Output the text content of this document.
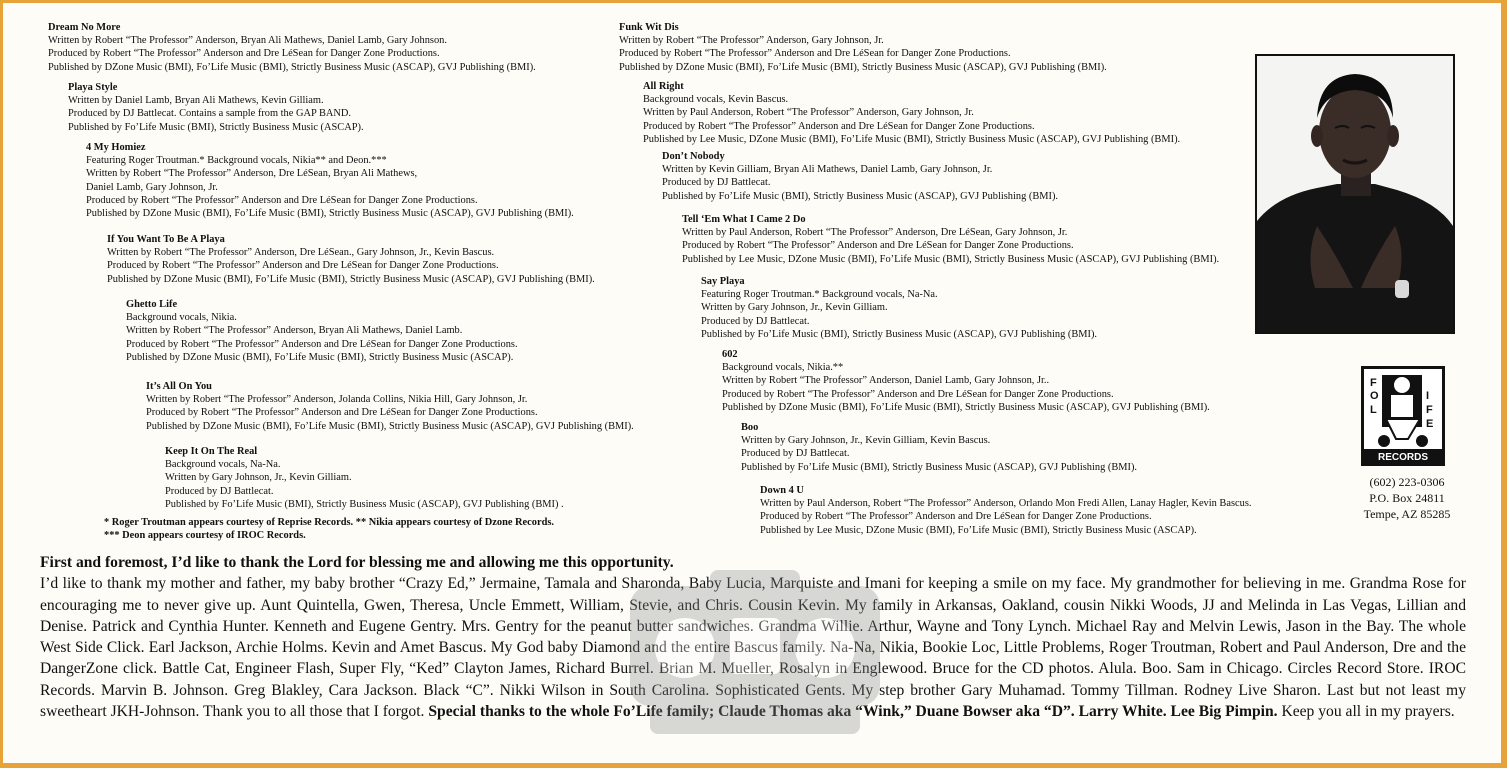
Dream No More
Written by Robert “The Professor” Anderson, Bryan Ali Mathews, Daniel Lamb, Gary Johnson.
Produced by Robert “The Professor” Anderson and Dre LéSean for Danger Zone Productions.
Published by DZone Music (BMI), Fo’Life Music (BMI), Strictly Business Music (ASCAP), GVJ Publishing (BMI).
Playa Style
Written by Daniel Lamb, Bryan Ali Mathews, Kevin Gilliam.
Produced by DJ Battlecat. Contains a sample from the GAP BAND.
Published by Fo’Life Music (BMI), Strictly Business Music (ASCAP).
4 My Homiez
Featuring Roger Troutman.* Background vocals, Nikia** and Deon.***
Written by Robert “The Professor” Anderson, Dre LéSean, Bryan Ali Mathews,
Daniel Lamb, Gary Johnson, Jr.
Produced by Robert “The Professor” Anderson and Dre LéSean for Danger Zone Productions.
Published by DZone Music (BMI), Fo’Life Music (BMI), Strictly Business Music (ASCAP), GVJ Publishing (BMI).
If You Want To Be A Playa
Written by Robert “The Professor” Anderson, Dre LéSean., Gary Johnson, Jr., Kevin Bascus.
Produced by Robert “The Professor” Anderson and Dre LéSean for Danger Zone Productions.
Published by DZone Music (BMI), Fo’Life Music (BMI), Strictly Business Music (ASCAP), GVJ Publishing (BMI).
Ghetto Life
Background vocals, Nikia.
Written by Robert “The Professor” Anderson, Bryan Ali Mathews, Daniel Lamb.
Produced by Robert “The Professor” Anderson and Dre LéSean for Danger Zone Productions.
Published by DZone Music (BMI), Fo’Life Music (BMI), Strictly Business Music (ASCAP).
It’s All On You
Written by Robert “The Professor” Anderson, Jolanda Collins, Nikia Hill, Gary Johnson, Jr.
Produced by Robert “The Professor” Anderson and Dre LéSean for Danger Zone Productions.
Published by DZone Music (BMI), Fo’Life Music (BMI), Strictly Business Music (ASCAP), GVJ Publishing (BMI).
Keep It On The Real
Background vocals, Na-Na.
Written by Gary Johnson, Jr., Kevin Gilliam.
Produced by DJ Battlecat.
Published by Fo’Life Music (BMI), Strictly Business Music (ASCAP), GVJ Publishing (BMI) .
Funk Wit Dis
Written by Robert “The Professor” Anderson, Gary Johnson, Jr.
Produced by Robert “The Professor” Anderson and Dre LéSean for Danger Zone Productions.
Published by DZone Music (BMI), Fo’Life Music (BMI), Strictly Business Music (ASCAP), GVJ Publishing (BMI).
All Right
Background vocals, Kevin Bascus.
Written by Paul Anderson, Robert “The Professor” Anderson, Gary Johnson, Jr.
Produced by Robert “The Professor” Anderson and Dre LéSean for Danger Zone Productions.
Published by Lee Music, DZone Music (BMI), Fo’Life Music (BMI), Strictly Business Music (ASCAP), GVJ Publishing (BMI).
Don’t Nobody
Written by Kevin Gilliam, Bryan Ali Mathews, Daniel Lamb, Gary Johnson, Jr.
Produced by DJ Battlecat.
Published by Fo’Life Music (BMI), Strictly Business Music (ASCAP), GVJ Publishing (BMI).
Tell ‘Em What I Came 2 Do
Written by Paul Anderson, Robert “The Professor” Anderson, Dre LéSean, Gary Johnson, Jr.
Produced by Robert “The Professor” Anderson and Dre LéSean for Danger Zone Productions.
Published by Lee Music, DZone Music (BMI), Fo’Life Music (BMI), Strictly Business Music (ASCAP), GVJ Publishing (BMI).
Say Playa
Featuring Roger Troutman.* Background vocals, Na-Na.
Written by Gary Johnson, Jr., Kevin Gilliam.
Produced by DJ Battlecat.
Published by Fo’Life Music (BMI), Strictly Business Music (ASCAP), GVJ Publishing (BMI).
602
Background vocals, Nikia.**
Written by Robert “The Professor” Anderson, Daniel Lamb, Gary Johnson, Jr..
Produced by Robert “The Professor” Anderson and Dre LéSean for Danger Zone Productions.
Published by DZone Music (BMI), Fo’Life Music (BMI), Strictly Business Music (ASCAP), GVJ Publishing (BMI).
Boo
Written by Gary Johnson, Jr., Kevin Gilliam, Kevin Bascus.
Produced by DJ Battlecat.
Published by Fo’Life Music (BMI), Strictly Business Music (ASCAP), GVJ Publishing (BMI).
Down 4 U
Written by Paul Anderson, Robert “The Professor” Anderson, Orlando Mon Fredi Allen, Lanay Hagler, Kevin Bascus.
Produced by Robert “The Professor” Anderson and Dre LéSean for Danger Zone Productions.
Published by Lee Music, DZone Music (BMI), Fo’Life Music (BMI), Strictly Business Music (ASCAP).
* Roger Troutman appears courtesy of Reprise Records. ** Nikia appears courtesy of Dzone Records.
*** Deon appears courtesy of IROC Records.
F
O
L
I
F
E
RECORDS
(602) 223-0306
P.O. Box 24811
Tempe, AZ 85285
First and foremost, I’d like to thank the Lord for blessing me and allowing me this opportunity.
I’d like to thank my mother and father, my baby brother “Crazy Ed,” Jermaine, Tamala and Sharonda, Baby Lucia, Marquiste and Imani for keeping a smile on my face. My grandmother for believing in me. Grandma Rose for encouraging me to never give up. Aunt Quintella, Gwen, Theresa, Uncle Emmett, William, Stevie, and Chris. Cousin Kevin. My family in Arkansas, Oakland, cousin Nikki Woods, JJ and Melinda in Las Vegas, Lillian and Denise. Patrick and Cynthia Hunter. Kenneth and Eugene Gentry. Mrs. Gentry for the peanut butter sandwiches. Grandma Willie. Arthur, Wayne and Tony Lynch. Michael Ray and Melvin Lewis, Jason in the Bay. The whole West Side Click. Earl Jackson, Archie Holms. Kevin and Amet Bascus. My God baby Diamond and the entire Bascus family. Na-Na, Nikia, Bookie Loc, Little Problems, Roger Troutman, Robert and Paul Anderson, Dre and the DangerZone click. Battle Cat, Engineer Flash, Super Fly, “Ked” Clayton James, Richard Burrel. Brian M. Mueller, Rosalyn in Englewood. Bruce for the CD photos. Alula. Boo. Sam in Chicago. Circles Record Store. IROC Records. Marvin B. Johnson. Greg Blakley, Cara Jackson. Black “C”. Nikki Wilson in South Carolina. Sophisticated Gents. My step brother Gary Muhamad. Tommy Tillman. Rodney Live Sharon. Last but not least my sweetheart JKH-Johnson. Thank you to all those that I forgot. Special thanks to the whole Fo’Life family; Claude Thomas aka “Wink,” Duane Bowser aka “D”. Larry White. Lee Big Pimpin. Keep you all in my prayers.
